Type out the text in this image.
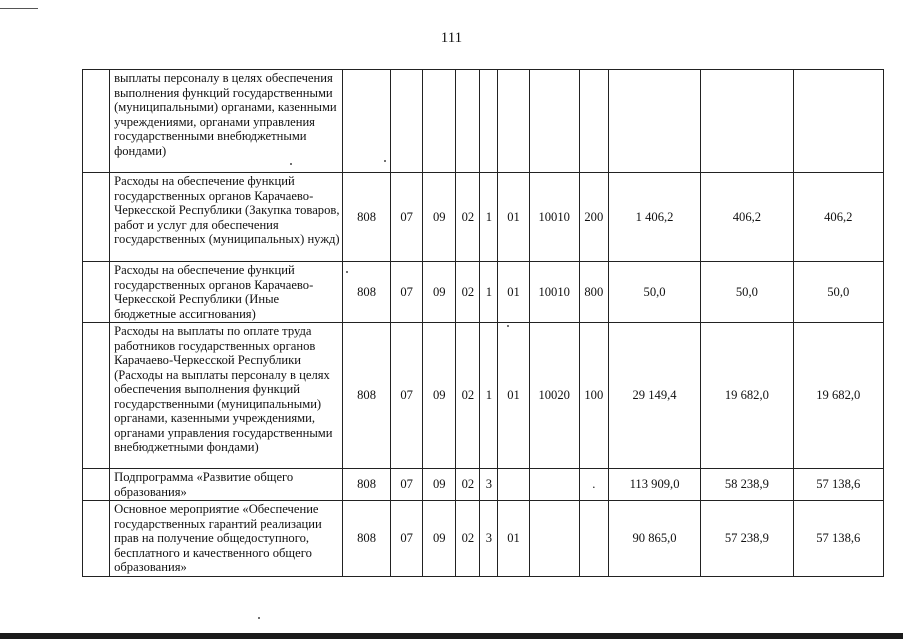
111
	выплаты персоналу в целях обеспечения выполнения функций государственными (муниципальными) органами, казенными учреждениями, органами управления государственными внебюджетными фондами)											
	Расходы на обеспечение функций государственных органов Карачаево-Черкесской Республики (Закупка товаров, работ и услуг для обеспечения государственных (муниципальных) нужд)	808	07	09	02	1	01	10010	200	1 406,2	406,2	406,2
	Расходы на обеспечение функций государственных органов Карачаево-Черкесской Республики (Иные бюджетные ассигнования)	808	07	09	02	1	01	10010	800	50,0	50,0	50,0
	Расходы на выплаты по оплате труда работников государственных органов Карачаево-Черкесской Республики (Расходы на выплаты персоналу в целях обеспечения выполнения функций государственными (муниципальными) органами, казенными учреждениями, органами управления государственными внебюджетными фондами)	808	07	09	02	1	01	10020	100	29 149,4	19 682,0	19 682,0
	Подпрограмма «Развитие общего образования»	808	07	09	02	3			.	113 909,0	58 238,9	57 138,6
	Основное мероприятие «Обеспечение государственных гарантий реализации прав на получение общедоступного, бесплатного и качественного общего образования»	808	07	09	02	3	01			90 865,0	57 238,9	57 138,6
